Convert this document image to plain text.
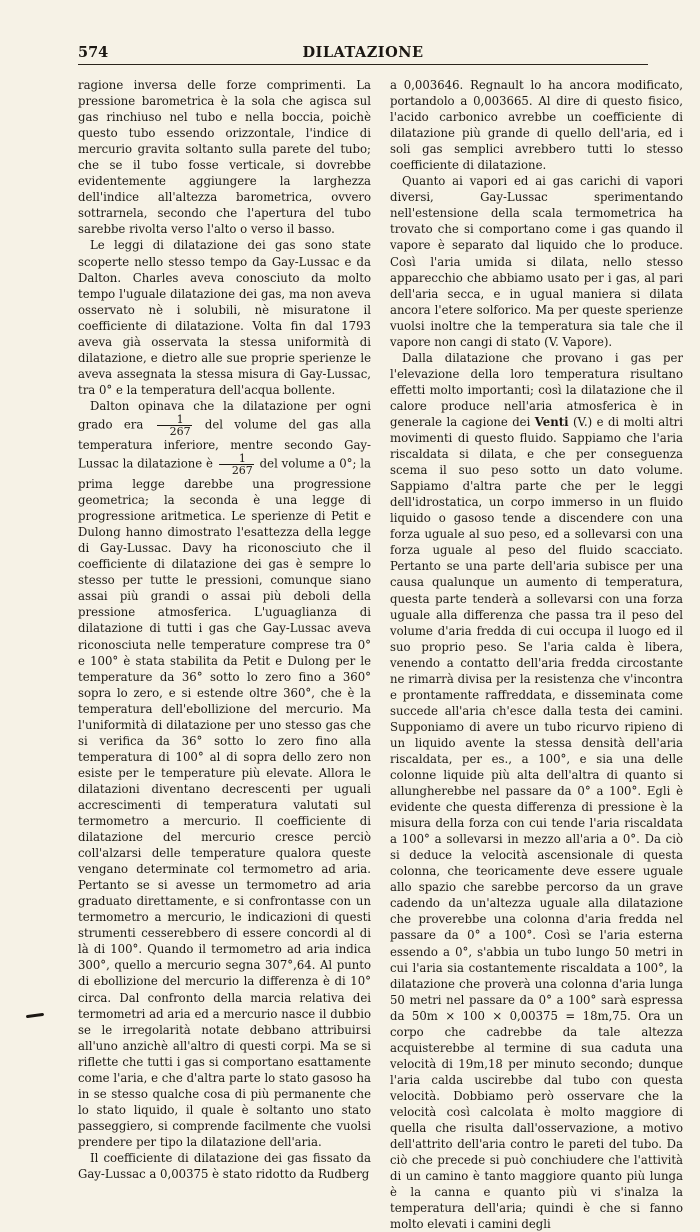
574	DILATAZIONE

ragione inversa delle forze comprimenti. La pressione barometrica è la sola che agisca sul gas rinchiuso nel tubo e nella boccia, poichè questo tubo essendo orizzontale, l'indice di mercurio gravita soltanto sulla parete del tubo; che se il tubo fosse verticale, si dovrebbe evidentemente aggiungere la larghezza dell'indice all'altezza barometrica, ovvero sottrarnela, secondo che l'apertura del tubo sarebbe rivolta verso l'alto o verso il basso.

Le leggi di dilatazione dei gas sono state scoperte nello stesso tempo da Gay-Lussac e da Dalton. Charles aveva conosciuto da molto tempo l'uguale dilatazione dei gas, ma non aveva osservato nè i solubili, nè misuratone il coefficiente di dilatazione. Volta fin dal 1793 aveva già osservata la stessa uniformità di dilatazione, e dietro alle sue proprie sperienze le aveva assegnata la stessa misura di Gay-Lussac, tra 0° e la temperatura dell'acqua bollente.

Dalton opinava che la dilatazione per ogni grado era $\frac{1}{267}$ del volume del gas alla temperatura inferiore, mentre secondo Gay-Lussac la dilatazione è $\frac{1}{267}$ del volume a 0°; la prima legge darebbe una progressione geometrica; la seconda è una legge di progressione aritmetica. Le sperienze di Petit e Dulong hanno dimostrato l'esattezza della legge di Gay-Lussac. Davy ha riconosciuto che il coefficiente di dilatazione dei gas è sempre lo stesso per tutte le pressioni, comunque siano assai più grandi o assai più deboli della pressione atmosferica. L'uguaglianza di dilatazione di tutti i gas che Gay-Lussac aveva riconosciuta nelle temperature comprese tra 0° e 100° è stata stabilita da Petit e Dulong per le temperature da 36° sotto lo zero fino a 360° sopra lo zero, e si estende oltre 360°, che è la temperatura dell'ebollizione del mercurio. Ma l'uniformità di dilatazione per uno stesso gas che si verifica da 36° sotto lo zero fino alla temperatura di 100° al di sopra dello zero non esiste per le temperature più elevate. Allora le dilatazioni diventano decrescenti per uguali accrescimenti di temperatura valutati sul termometro a mercurio. Il coefficiente di dilatazione del mercurio cresce perciò coll'alzarsi delle temperature qualora queste vengano determinate col termometro ad aria. Pertanto se si avesse un termometro ad aria graduato direttamente, e si confrontasse con un termometro a mercurio, le indicazioni di questi strumenti cesserebbero di essere concordi al di là di 100°. Quando il termometro ad aria indica 300°, quello a mercurio segna 307°,64. Al punto di ebollizione del mercurio la differenza è di 10° circa. Dal confronto della marcia relativa dei termometri ad aria ed a mercurio nasce il dubbio se le irregolarità notate debbano attribuirsi all'uno anzichè all'altro di questi corpi. Ma se si riflette che tutti i gas si comportano esattamente come l'aria, e che d'altra parte lo stato gasoso ha in se stesso qualche cosa di più permanente che lo stato liquido, il quale è soltanto uno stato passeggiero, si comprende facilmente che vuolsi prendere per tipo la dilatazione dell'aria.

Il coefficiente di dilatazione dei gas fissato da Gay-Lussac a 0,00375 è stato ridotto da Rudberg

a 0,003646. Regnault lo ha ancora modificato, portandolo a 0,003665. Al dire di questo fisico, l'acido carbonico avrebbe un coefficiente di dilatazione più grande di quello dell'aria, ed i soli gas semplici avrebbero tutti lo stesso coefficiente di dilatazione.

Quanto ai vapori ed ai gas carichi di vapori diversi, Gay-Lussac sperimentando nell'estensione della scala termometrica ha trovato che si comportano come i gas quando il vapore è separato dal liquido che lo produce. Così l'aria umida si dilata, nello stesso apparecchio che abbiamo usato per i gas, al pari dell'aria secca, e in ugual maniera si dilata ancora l'etere solforico. Ma per queste sperienze vuolsi inoltre che la temperatura sia tale che il vapore non cangi di stato (V. Vapore).

Dalla dilatazione che provano i gas per l'elevazione della loro temperatura risultano effetti molto importanti; così la dilatazione che il calore produce nell'aria atmosferica è in generale la cagione dei Venti (V.) e di molti altri movimenti di questo fluido. Sappiamo che l'aria riscaldata si dilata, e che per conseguenza scema il suo peso sotto un dato volume. Sappiamo d'altra parte che per le leggi dell'idrostatica, un corpo immerso in un fluido liquido o gasoso tende a discendere con una forza uguale al suo peso, ed a sollevarsi con una forza uguale al peso del fluido scacciato. Pertanto se una parte dell'aria subisce per una causa qualunque un aumento di temperatura, questa parte tenderà a sollevarsi con una forza uguale alla differenza che passa tra il peso del volume d'aria fredda di cui occupa il luogo ed il suo proprio peso. Se l'aria calda è libera, venendo a contatto dell'aria fredda circostante ne rimarrà divisa per la resistenza che v'incontra e prontamente raffreddata, e disseminata come succede all'aria ch'esce dalla testa dei camini. Supponiamo di avere un tubo ricurvo ripieno di un liquido avente la stessa densità dell'aria riscaldata, per es., a 100°, e sia una delle colonne liquide più alta dell'altra di quanto si allungherebbe nel passare da 0° a 100°. Egli è evidente che questa differenza di pressione è la misura della forza con cui tende l'aria riscaldata a 100° a sollevarsi in mezzo all'aria a 0°. Da ciò si deduce la velocità ascensionale di questa colonna, che teoricamente deve essere uguale allo spazio che sarebbe percorso da un grave cadendo da un'altezza uguale alla dilatazione che proverebbe una colonna d'aria fredda nel passare da 0° a 100°. Così se l'aria esterna essendo a 0°, s'abbia un tubo lungo 50 metri in cui l'aria sia costantemente riscaldata a 100°, la dilatazione che proverà una colonna d'aria lunga 50 metri nel passare da 0° a 100° sarà espressa da 50m × 100 × 0,00375 = 18m,75. Ora un corpo che cadrebbe da tale altezza acquisterebbe al termine di sua caduta una velocità di 19m,18 per minuto secondo; dunque l'aria calda uscirebbe dal tubo con questa velocità. Dobbiamo però osservare che la velocità così calcolata è molto maggiore di quella che risulta dall'osservazione, a motivo dell'attrito dell'aria contro le pareti del tubo. Da ciò che precede si può conchiudere che l'attività di un camino è tanto maggiore quanto più lunga è la canna e quanto più vi s'inalza la temperatura dell'aria; quindi è che si fanno molto elevati i camini degli
